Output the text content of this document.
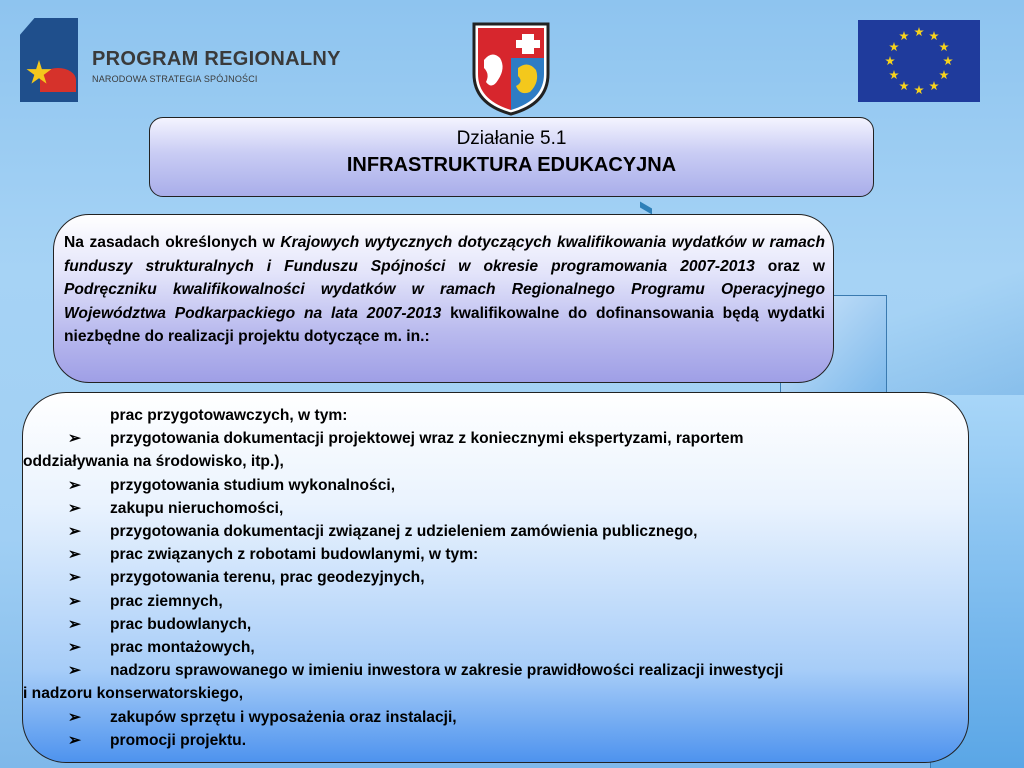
PROGRAM REGIONALNY
NARODOWA STRATEGIA SPÓJNOŚCI
Działanie 5.1
INFRASTRUKTURA EDUKACYJNA

Na zasadach określonych w Krajowych wytycznych dotyczących kwalifikowania wydatków w ramach funduszy strukturalnych i Funduszu Spójności w okresie programowania 2007-2013 oraz w Podręczniku kwalifikowalności wydatków w ramach Regionalnego Programu Operacyjnego Województwa Podkarpackiego na lata 2007-2013 kwalifikowalne do dofinansowania będą wydatki niezbędne do realizacji projektu dotyczące m. in.:

prac przygotowawczych, w tym:
➢ przygotowania dokumentacji projektowej wraz z koniecznymi ekspertyzami, raportem
oddziaływania na środowisko, itp.),
➢ przygotowania studium wykonalności,
➢ zakupu nieruchomości,
➢ przygotowania dokumentacji związanej z udzieleniem zamówienia publicznego,
➢ prac związanych z robotami budowlanymi, w tym:
➢ przygotowania terenu, prac geodezyjnych,
➢ prac ziemnych,
➢ prac budowlanych,
➢ prac montażowych,
➢ nadzoru sprawowanego w imieniu inwestora w zakresie prawidłowości realizacji inwestycji
i nadzoru konserwatorskiego,
➢ zakupów sprzętu i wyposażenia oraz instalacji,
➢ promocji projektu.
